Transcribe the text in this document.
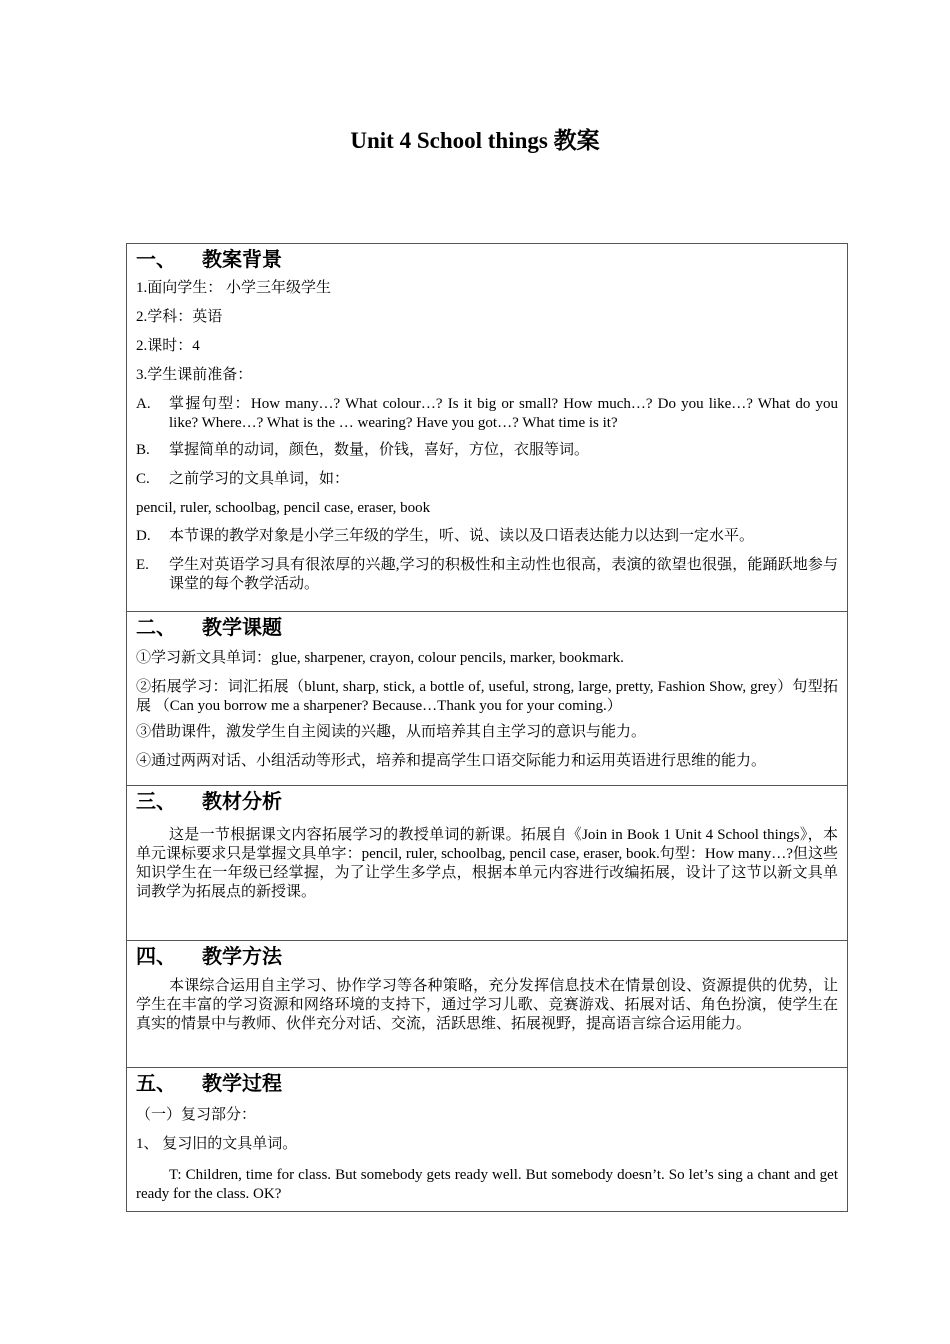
Unit 4 School things 教案

一、 教案背景

1.面向学生： 小学三年级学生

2.学科：英语

2.课时：4

3.学生课前准备：

A.	掌握句型：How many…? What colour…? Is it big or small? How much…? Do you like…? What do you like? Where…? What is the … wearing? Have you got…? What time is it?
B.	掌握简单的动词，颜色，数量，价钱，喜好，方位，衣服等词。
C.	之前学习的文具单词，如：

pencil, ruler, schoolbag, pencil case, eraser, book

D.	本节课的教学对象是小学三年级的学生，听、说、读以及口语表达能力以达到一定水平。
E.	学生对英语学习具有很浓厚的兴趣,学习的积极性和主动性也很高，表演的欲望也很强，能踊跃地参与课堂的每个教学活动。

二、 教学课题

①学习新文具单词：glue, sharpener, crayon, colour pencils, marker, bookmark.

②拓展学习：词汇拓展（blunt, sharp, stick, a bottle of, useful, strong, large, pretty, Fashion Show, grey）句型拓展 （Can you borrow me a sharpener? Because…Thank you for your coming.）

③借助课件，激发学生自主阅读的兴趣，从而培养其自主学习的意识与能力。

④通过两两对话、小组活动等形式，培养和提高学生口语交际能力和运用英语进行思维的能力。

三、 教材分析

这是一节根据课文内容拓展学习的教授单词的新课。拓展自《Join in Book 1 Unit 4 School things》，本单元课标要求只是掌握文具单字：pencil, ruler, schoolbag, pencil case, eraser, book.句型：How many…?但这些知识学生在一年级已经掌握，为了让学生多学点，根据本单元内容进行改编拓展，设计了这节以新文具单词教学为拓展点的新授课。

四、 教学方法

本课综合运用自主学习、协作学习等各种策略，充分发挥信息技术在情景创设、资源提供的优势，让学生在丰富的学习资源和网络环境的支持下，通过学习儿歌、竞赛游戏、拓展对话、角色扮演，使学生在真实的情景中与教师、伙伴充分对话、交流，活跃思维、拓展视野，提高语言综合运用能力。

五、 教学过程

（一）复习部分：

1、 复习旧的文具单词。

T: Children, time for class. But somebody gets ready well. But somebody doesn’t. So let’s sing a chant and get ready for the class. OK?
